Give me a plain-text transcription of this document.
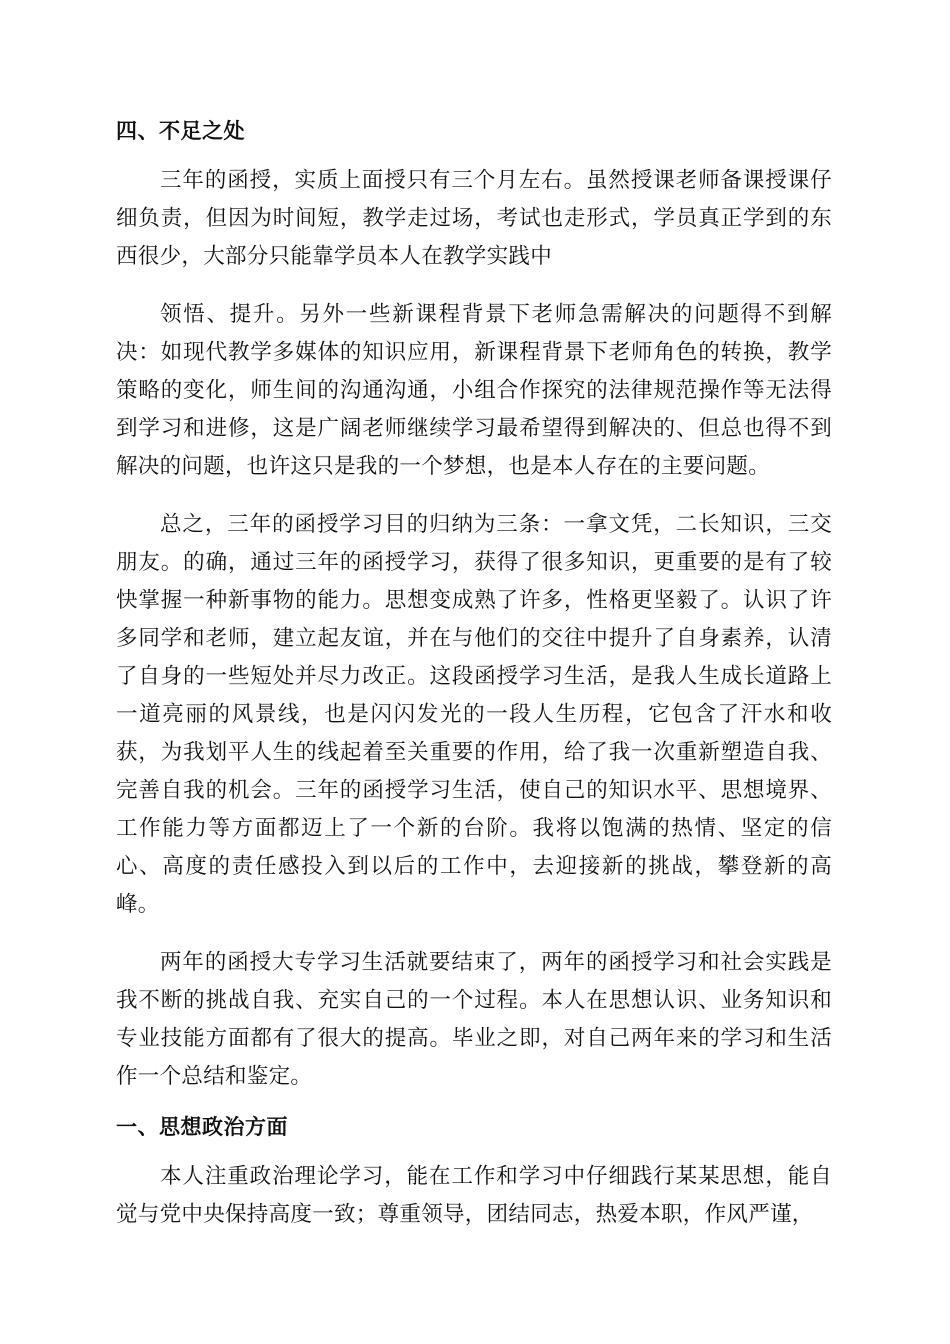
四、不足之处

三年的函授，实质上面授只有三个月左右。虽然授课老师备课授课仔细负责，但因为时间短，教学走过场，考试也走形式，学员真正学到的东西很少，大部分只能靠学员本人在教学实践中

领悟、提升。另外一些新课程背景下老师急需解决的问题得不到解决：如现代教学多媒体的知识应用，新课程背景下老师角色的转换，教学策略的变化，师生间的沟通沟通，小组合作探究的法律规范操作等无法得到学习和进修，这是广阔老师继续学习最希望得到解决的、但总也得不到解决的问题，也许这只是我的一个梦想，也是本人存在的主要问题。

总之，三年的函授学习目的归纳为三条：一拿文凭，二长知识，三交朋友。的确，通过三年的函授学习，获得了很多知识，更重要的是有了较快掌握一种新事物的能力。思想变成熟了许多，性格更坚毅了。认识了许多同学和老师，建立起友谊，并在与他们的交往中提升了自身素养，认清了自身的一些短处并尽力改正。这段函授学习生活，是我人生成长道路上一道亮丽的风景线，也是闪闪发光的一段人生历程，它包含了汗水和收获，为我划平人生的线起着至关重要的作用，给了我一次重新塑造自我、完善自我的机会。三年的函授学习生活，使自己的知识水平、思想境界、工作能力等方面都迈上了一个新的台阶。我将以饱满的热情、坚定的信心、高度的责任感投入到以后的工作中，去迎接新的挑战，攀登新的高峰。

两年的函授大专学习生活就要结束了，两年的函授学习和社会实践是我不断的挑战自我、充实自己的一个过程。本人在思想认识、业务知识和专业技能方面都有了很大的提高。毕业之即，对自己两年来的学习和生活作一个总结和鉴定。

一、思想政治方面

本人注重政治理论学习，能在工作和学习中仔细践行某某思想，能自觉与党中央保持高度一致；尊重领导，团结同志，热爱本职，作风严谨，
